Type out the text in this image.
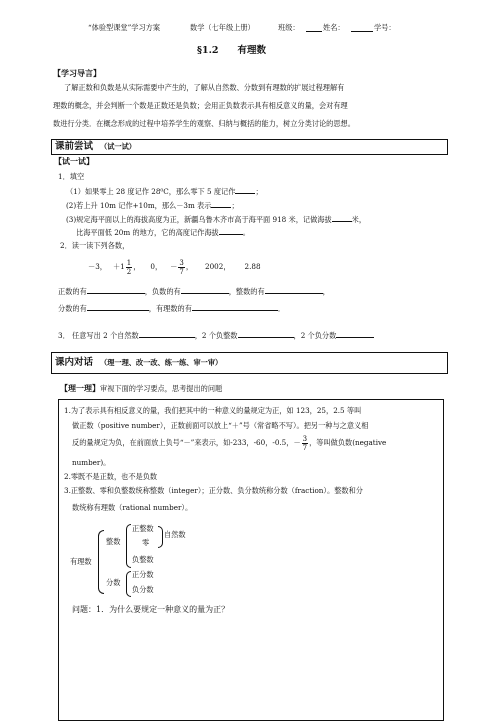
“体验型课堂”学习方案	数学（七年级上册）	班级：	姓名：	学号：
§1.2　　有理数
【学习导言】
了解正数和负数是从实际需要中产生的，了解从自然数、分数到有理数的扩展过程理解有
理数的概念，并会判断一个数是正数还是负数；会用正负数表示具有相反意义的量，会对有理
数进行分类．在概念形成的过程中培养学生的观察、归纳与概括的能力，树立分类讨论的思想。
课前尝试 （试一试）
【试一试】
1．填空
（1）如果零上 28 度记作 28⁰C，那么零下 5 度记作	；
(2)若上升 10m 记作+10m，那么－3m 表示	；
(3)规定海平面以上的海拔高度为正，新疆乌鲁木齐市高于海平面 918 米，记做海拔	米，
比海平面低 20m 的地方，它的高度记作海拔	。
2．读一读下列各数，
－3， $+1 \frac{1}{2}$ ， 0， － $\frac{3}{7}$ ， 2002， 2.88
正数的有	，负数的有	，整数的有	，
分数的有	，有理数的有	．
3． 任意写出 2 个自然数	，2 个负整数	，2 个负分数
课内对话 （理一理、改一改、练一练、审一审）
【理一理】审视下面的学习要点，思考提出的问题
1.为了表示具有相反意义的量，我们把其中的一种意义的量规定为正，如 123，25，2.5 等叫
做正数（positive number），正数前面可以放上“＋”号（常省略不写）。把另一种与之意义相
反的量规定为负，在前面放上负号“－”来表示，如-233，-60，-0.5， － $\frac{3}{7}$ ，等叫做负数(negative
number)。
2.零既不是正数，也不是负数
3.正整数、零和负整数统称整数（integer）；正分数、负分数统称分数（fraction）。整数和分
数统称有理数（rational number）。
有理数
整数
正整数
零
自然数
负整数
分数
正分数
负分数
问题：1．为什么要规定一种意义的量为正？
